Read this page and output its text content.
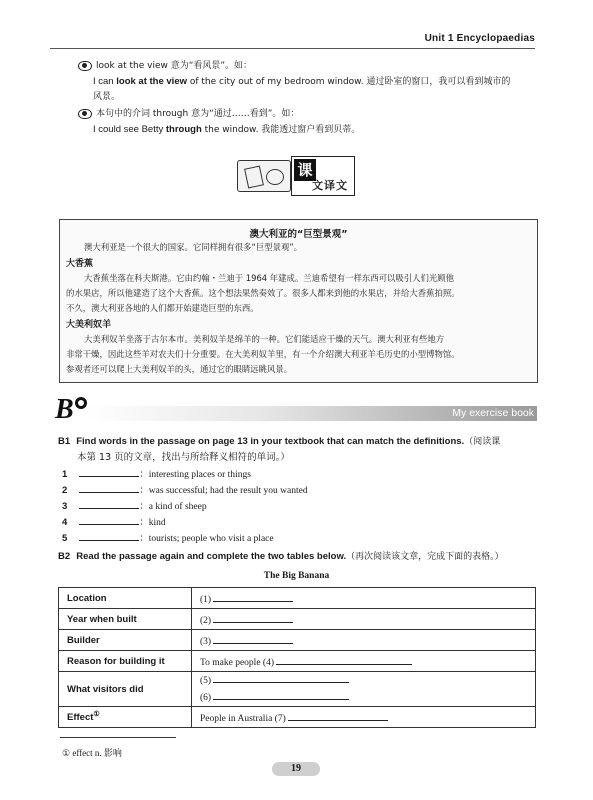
Unit 1 Encyclopaedias
look at the view 意为“看风景”。如：
I can look at the view of the city out of my bedroom window. 通过卧室的窗口，我可以看到城市的
风景。
本句中的介词 through 意为“通过……看到”。如：
I could see Betty through the window. 我能透过窗户看到贝蒂。
课
文译文
澳大利亚的“巨型景观”
澳大利亚是一个很大的国家。它同样拥有很多“巨型景观”。
大香蕉
大香蕉坐落在科夫斯港。它由约翰・兰迪于 1964 年建成。兰迪希望有一样东西可以吸引人们光顾他
的水果店，所以他建造了这个大香蕉。这个想法果然奏效了。很多人都来到他的水果店，并给大香蕉拍照。
不久，澳大利亚各地的人们都开始建造巨型的东西。
大美利奴羊
大美利奴羊坐落于古尔本市。美利奴羊是绵羊的一种。它们能适应干燥的天气。澳大利亚有些地方
非常干燥，因此这些羊对农夫们十分重要。在大美利奴羊里，有一个介绍澳大利亚羊毛历史的小型博物馆。
参观者还可以爬上大美利奴羊的头，通过它的眼睛远眺风景。
My exercise book
B
B1 Find words in the passage on page 13 in your textbook that can match the definitions.（阅读课
本第 13 页的文章，找出与所给释义相符的单词。）
1	：interesting places or things
2	：was successful; had the result you wanted
3	：a kind of sheep
4	：kind
5	：tourists; people who visit a place
B2 Read the passage again and complete the two tables below.（再次阅读该文章，完成下面的表格。）
The Big Banana
Location	(1)
Year when built	(2)
Builder	(3)
Reason for building it	To make people (4)
What visitors did	(5)
(6)

Effect①	People in Australia (7)
① effect n. 影响
19
